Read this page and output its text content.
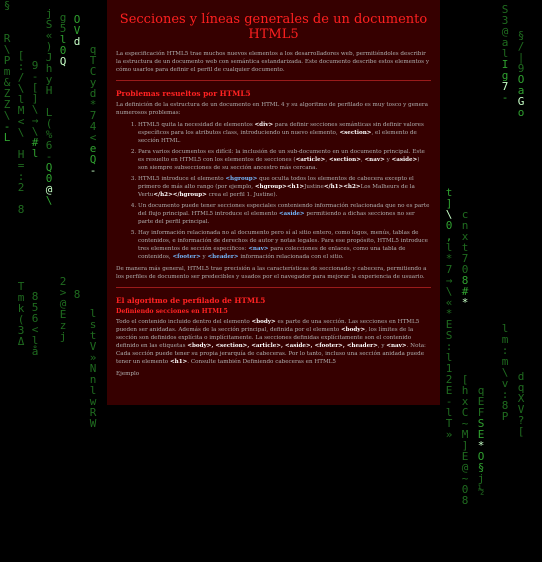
§

R
\
P
m
&
Z
Z
\
-
L
[
:
/
\
l
M
<
\

H
=
:
2

8

T
m
k
(
3
Δ
9
-
[
]
\
→
\
#
l

8
5
6
<
l
å

j
S
«
)
J
h
y
H

L
(
%
6
-
Q
0
@
\
g
5
l
0
Q

2
>
@
E
z
j
O
V
d

8

q
T
C
y
d
*
7
4
<
e
Q
-

l
s
t
V
»
N
n
l
w
R
W

t
]
\
0
,
l
*
7
→
\
«
*
E
S
:
l
1
2
E
-
l
T
»

c
n
x
t
7
0
8
#
*

[
h
x
C
~
M
]
E
@
~
0
8

q
E
F
S
E
*
O
§
j
½
S
3
@
a
l
I
g
7
-

l
m
:
m
\
v
:
8
P
§
/
|
9
O
a
G
o

d
q
X
V
?
[

Secciones y líneas generales de un documento HTML5

La especificación HTML5 trae muchos nuevos elementos a los desarrolladores web, permitiéndoles describir la estructura de un documento web con semántica estandarizada. Este documento describe estos elementos y cómo usarlos para definir el perfil de cualquier documento.

Problemas resueltos por HTML5

La definición de la estructura de un documento en HTML 4 y su algoritmo de perfilado es muy tosco y genera numerosos problemas:

1. HTML5 quita la necesidad de elementos <div> para definir secciones semánticas sin definir valores específicos para los atributos class, introduciendo un nuevo elemento, <section>, el elemento de sección HTML.
2. Para varios documentos es difícil: la inclusión de un sub-documento en un documento principal. Este es resuelto en HTML5 con los elementos de secciones (<article>, <section>, <nav> y <aside>) son siempre subsecciones de su sección ancestro más cercana.
3. HTML5 introduce el elemento <hgroup> que oculta todos los elementos de cabecera excepto el primero de más alto rango (por ejemplo, <hgroup><h1>Justine</h1><h2>Los Malheurs de la Vertu</h2></hgroup> crea el perfil 1. Justine).
4. Un documento puede tener secciones especiales conteniendo información relacionada que no es parte del flujo principal. HTML5 introduce el elemento <aside> permitiendo a dichas secciones no ser parte del perfil principal.
5. Hay información relacionada no al documento pero sí al sitio entero, como logos, menús, tablas de contenidos, e información de derechos de autor y notas legales. Para ese propósito, HTML5 introduce tres elementos de sección específicos: <nav> para colecciones de enlaces, como una tabla de contenidos, <footer> y <header> información relacionada con el sitio.

De manera más general, HTML5 trae precisión a las características de seccionado y cabecera, permitiendo a los perfiles de documento ser predecibles y usados por el navegador para mejorar la experiencia de usuario.

El algoritmo de perfilado de HTML5
Definiendo secciones en HTML5

Todo el contenido incluido dentro del elemento <body> es parte de una sección. Las secciones en HTML5 pueden ser anidadas. Además de la sección principal, definida por el elemento <body>, los límites de la sección son definidos explícita o implícitamente. La secciones definidas explícitamente son el contenido definido en las etiquetas <body>, <section>, <article>, <aside>, <footer>, <header>, y <nav>. Nota: Cada sección puede tener su propia jerarquía de cabeceras. Por lo tanto, incluso una sección anidada puede tener un elemento <h1>. Consulte también Definiendo cabeceras en HTML5

Ejemplo
